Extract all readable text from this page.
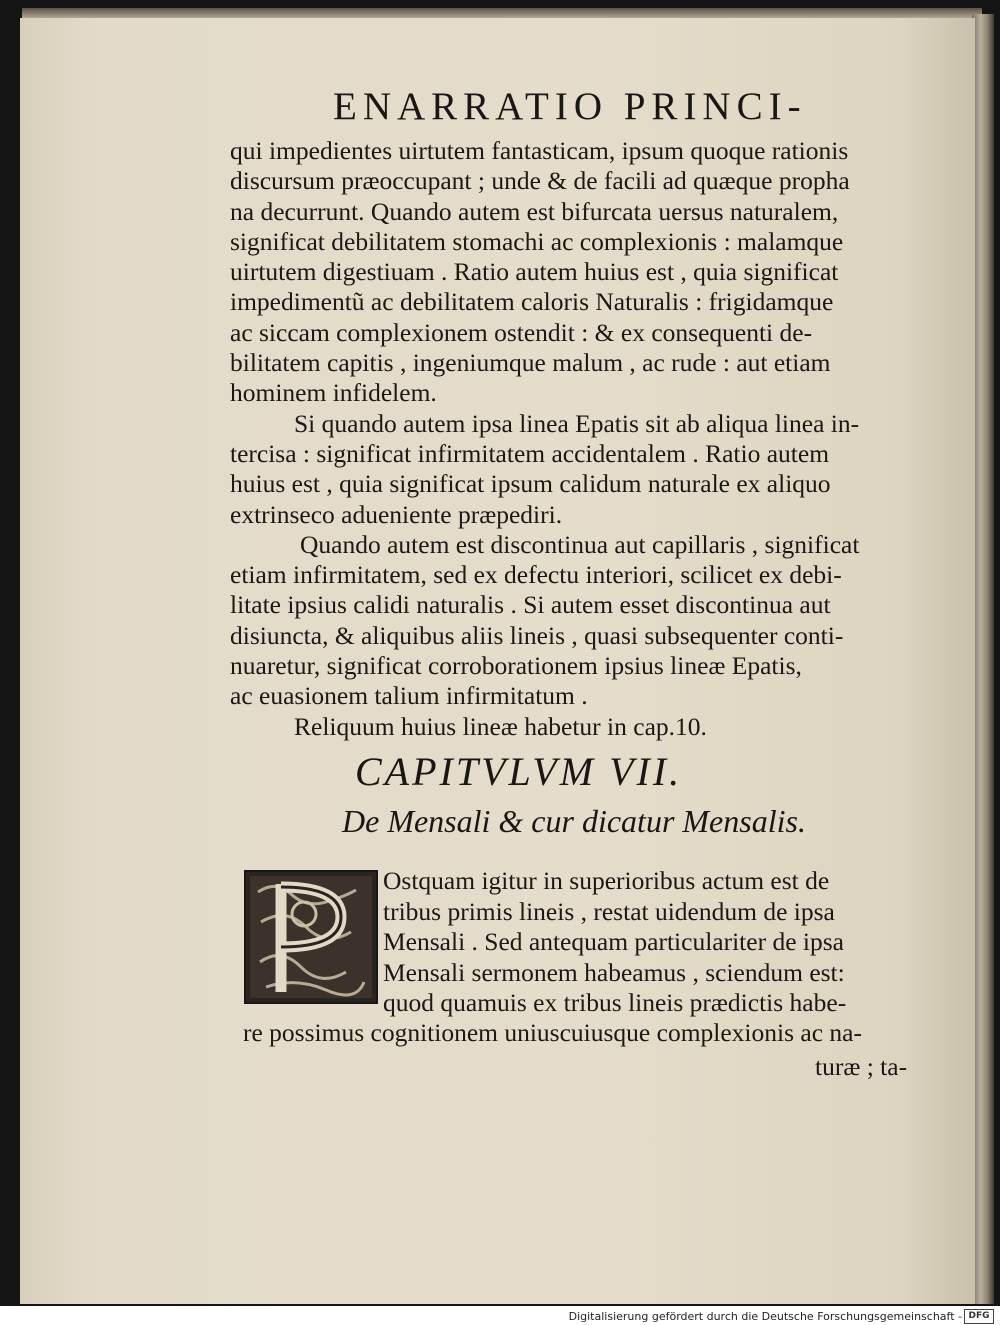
ENARRATIO PRINCI-
qui impedientes uirtutem fantasticam, ipsum quoque rationis
discursum præoccupant ; unde & de facili ad quæque propha
na decurrunt. Quando autem est bifurcata uersus naturalem,
significat debilitatem stomachi ac complexionis : malamque
uirtutem digestiuam . Ratio autem huius est , quia significat
impedimentũ ac debilitatem caloris Naturalis : frigidamque
ac siccam complexionem ostendit : & ex consequenti de-
bilitatem capitis , ingeniumque malum , ac rude : aut etiam
hominem infidelem.
Si quando autem ipsa linea Epatis sit ab aliqua linea in-
tercisa : significat infirmitatem accidentalem . Ratio autem
huius est , quia significat ipsum calidum naturale ex aliquo
extrinseco adueniente præpediri.
Quando autem est discontinua aut capillaris , significat
etiam infirmitatem, sed ex defectu interiori, scilicet ex debi-
litate ipsius calidi naturalis . Si autem esset discontinua aut
disiuncta, & aliquibus aliis lineis , quasi subsequenter conti-
nuaretur, significat corroborationem ipsius lineæ Epatis,
ac euasionem talium infirmitatum .
Reliquum huius lineæ habetur in cap.10.
CAPITVLVM VII.
De Mensali & cur dicatur Mensalis.
Ostquam igitur in superioribus actum est de
tribus primis lineis , restat uidendum de ipsa
Mensali . Sed antequam particulariter de ipsa
Mensali sermonem habeamus , sciendum est:
quod quamuis ex tribus lineis prædictis habe-
re possimus cognitionem uniuscuiusque complexionis ac na-
turæ ; ta-
Digitalisierung gefördert durch die Deutsche Forschungsgemeinschaft - DFG
